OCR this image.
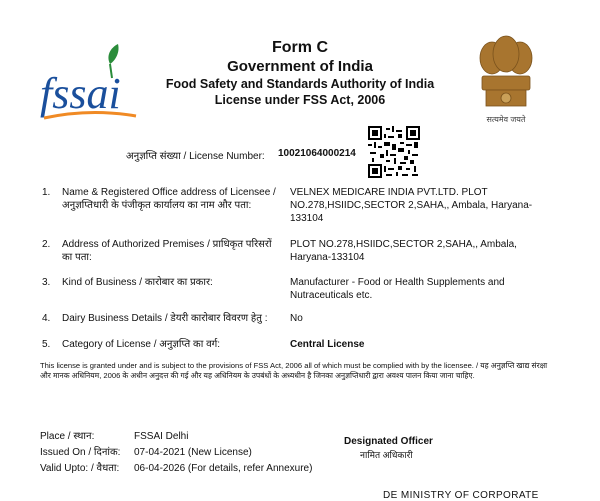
fssai
Form C
Government of India
Food Safety and Standards Authority of India
License under FSS Act, 2006
सत्यमेव जयते
अनुज्ञप्ति संख्या / License Number: 10021064000214
1. Name & Registered Office address of Licensee / अनुज्ञप्तिधारी के पंजीकृत कार्यालय का नाम और पता:
VELNEX MEDICARE INDIA PVT.LTD. PLOT NO.278,HSIIDC,SECTOR 2,SAHA,, Ambala, Haryana-133104
2. Address of Authorized Premises / प्राधिकृत परिसरों का पता:
PLOT NO.278,HSIIDC,SECTOR 2,SAHA,, Ambala, Haryana-133104
3. Kind of Business / कारोबार का प्रकार:	Manufacturer - Food or Health Supplements and Nutraceuticals etc.
4. Dairy Business Details / डेयरी कारोबार विवरण हेतु :	No
5. Category of License / अनुज्ञप्ति का वर्ग:	Central License
This license is granted under and is subject to the provisions of FSS Act, 2006 all of which must be complied with by the licensee. / यह अनुज्ञप्ति खाद्य संरक्षा और मानक अधिनियम, 2006 के अधीन अनुदत्त की गई और यह अधिनियम के उपबंधों के अध्यधीन है जिनका अनुज्ञप्तिधारी द्वारा अवश्य पालन किया जाना चाहिए.
Place / स्थान:	FSSAI Delhi
Issued On / दिनांक: 07-04-2021 (New License)
Valid Upto: / वैधता: 06-04-2026 (For details, refer Annexure)
Designated Officer
नामित अधिकारी
DE MINISTRY OF CORPORATE
